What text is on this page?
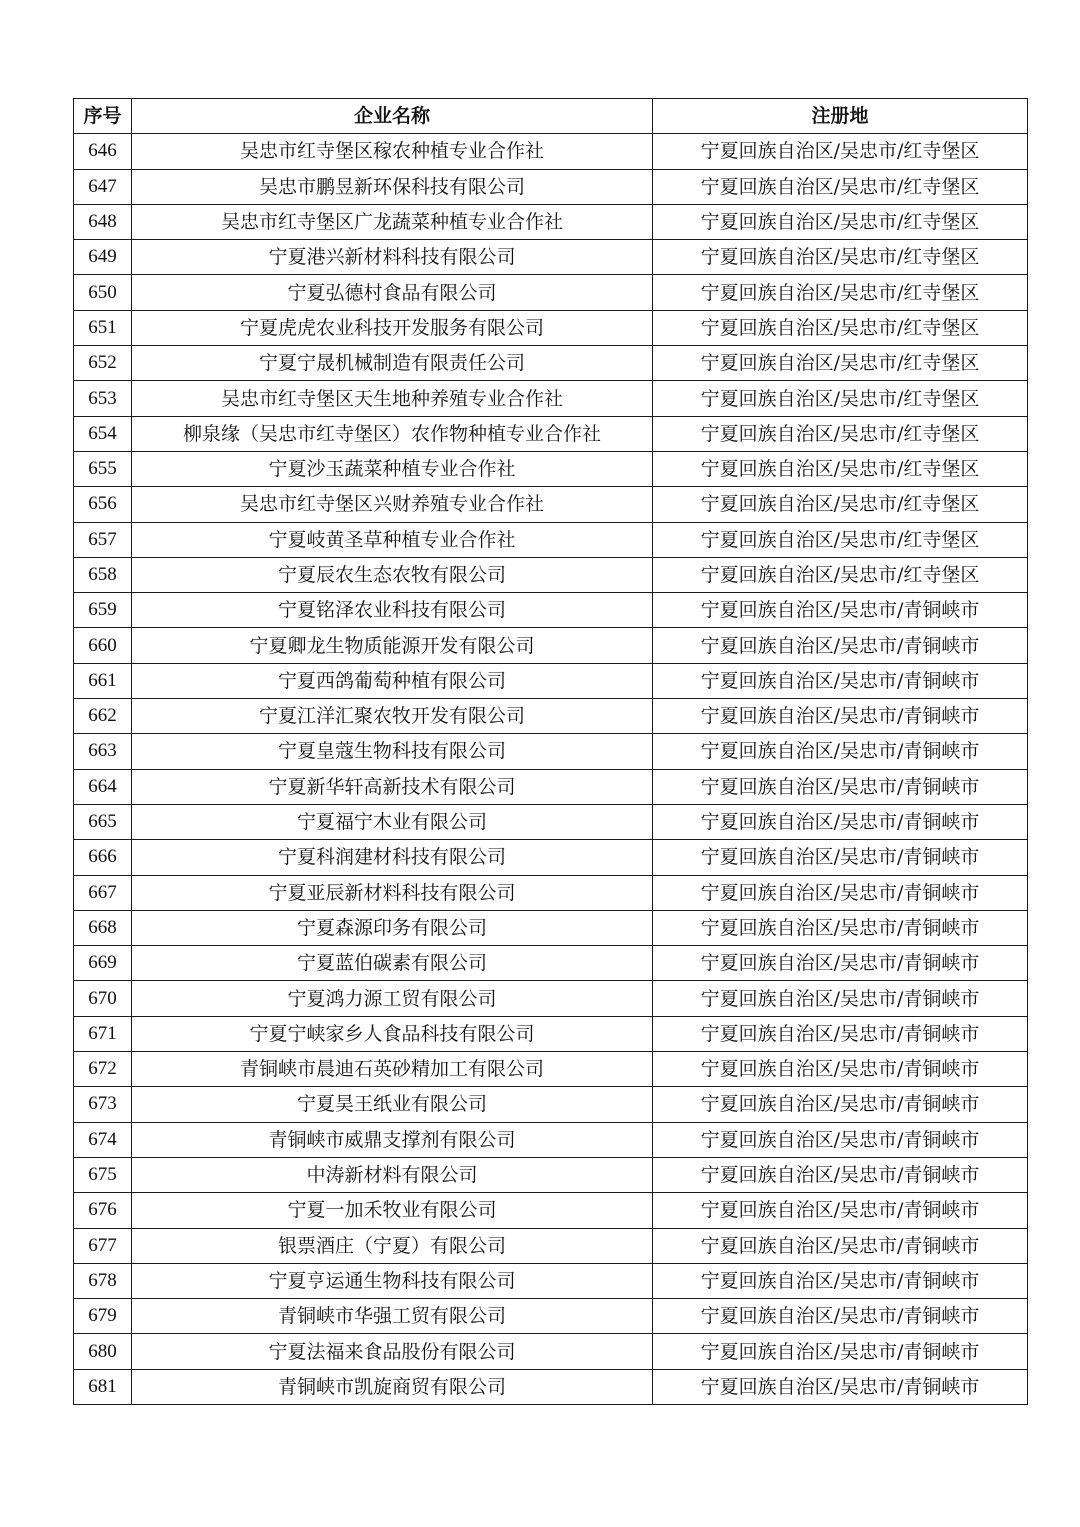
序号	企业名称	注册地
646	吴忠市红寺堡区稼农种植专业合作社	宁夏回族自治区/吴忠市/红寺堡区
647	吴忠市鹏昱新环保科技有限公司	宁夏回族自治区/吴忠市/红寺堡区
648	吴忠市红寺堡区广龙蔬菜种植专业合作社	宁夏回族自治区/吴忠市/红寺堡区
649	宁夏港兴新材料科技有限公司	宁夏回族自治区/吴忠市/红寺堡区
650	宁夏弘德村食品有限公司	宁夏回族自治区/吴忠市/红寺堡区
651	宁夏虎虎农业科技开发服务有限公司	宁夏回族自治区/吴忠市/红寺堡区
652	宁夏宁晟机械制造有限责任公司	宁夏回族自治区/吴忠市/红寺堡区
653	吴忠市红寺堡区天生地种养殖专业合作社	宁夏回族自治区/吴忠市/红寺堡区
654	柳泉缘（吴忠市红寺堡区）农作物种植专业合作社	宁夏回族自治区/吴忠市/红寺堡区
655	宁夏沙玉蔬菜种植专业合作社	宁夏回族自治区/吴忠市/红寺堡区
656	吴忠市红寺堡区兴财养殖专业合作社	宁夏回族自治区/吴忠市/红寺堡区
657	宁夏岐黄圣草种植专业合作社	宁夏回族自治区/吴忠市/红寺堡区
658	宁夏辰农生态农牧有限公司	宁夏回族自治区/吴忠市/红寺堡区
659	宁夏铭泽农业科技有限公司	宁夏回族自治区/吴忠市/青铜峡市
660	宁夏卿龙生物质能源开发有限公司	宁夏回族自治区/吴忠市/青铜峡市
661	宁夏西鸽葡萄种植有限公司	宁夏回族自治区/吴忠市/青铜峡市
662	宁夏江洋汇聚农牧开发有限公司	宁夏回族自治区/吴忠市/青铜峡市
663	宁夏皇蔻生物科技有限公司	宁夏回族自治区/吴忠市/青铜峡市
664	宁夏新华轩高新技术有限公司	宁夏回族自治区/吴忠市/青铜峡市
665	宁夏福宁木业有限公司	宁夏回族自治区/吴忠市/青铜峡市
666	宁夏科润建材科技有限公司	宁夏回族自治区/吴忠市/青铜峡市
667	宁夏亚辰新材料科技有限公司	宁夏回族自治区/吴忠市/青铜峡市
668	宁夏森源印务有限公司	宁夏回族自治区/吴忠市/青铜峡市
669	宁夏蓝伯碳素有限公司	宁夏回族自治区/吴忠市/青铜峡市
670	宁夏鸿力源工贸有限公司	宁夏回族自治区/吴忠市/青铜峡市
671	宁夏宁峡家乡人食品科技有限公司	宁夏回族自治区/吴忠市/青铜峡市
672	青铜峡市晨迪石英砂精加工有限公司	宁夏回族自治区/吴忠市/青铜峡市
673	宁夏昊王纸业有限公司	宁夏回族自治区/吴忠市/青铜峡市
674	青铜峡市威鼎支撑剂有限公司	宁夏回族自治区/吴忠市/青铜峡市
675	中涛新材料有限公司	宁夏回族自治区/吴忠市/青铜峡市
676	宁夏一加禾牧业有限公司	宁夏回族自治区/吴忠市/青铜峡市
677	银票酒庄（宁夏）有限公司	宁夏回族自治区/吴忠市/青铜峡市
678	宁夏亨运通生物科技有限公司	宁夏回族自治区/吴忠市/青铜峡市
679	青铜峡市华强工贸有限公司	宁夏回族自治区/吴忠市/青铜峡市
680	宁夏法福来食品股份有限公司	宁夏回族自治区/吴忠市/青铜峡市
681	青铜峡市凯旋商贸有限公司	宁夏回族自治区/吴忠市/青铜峡市
